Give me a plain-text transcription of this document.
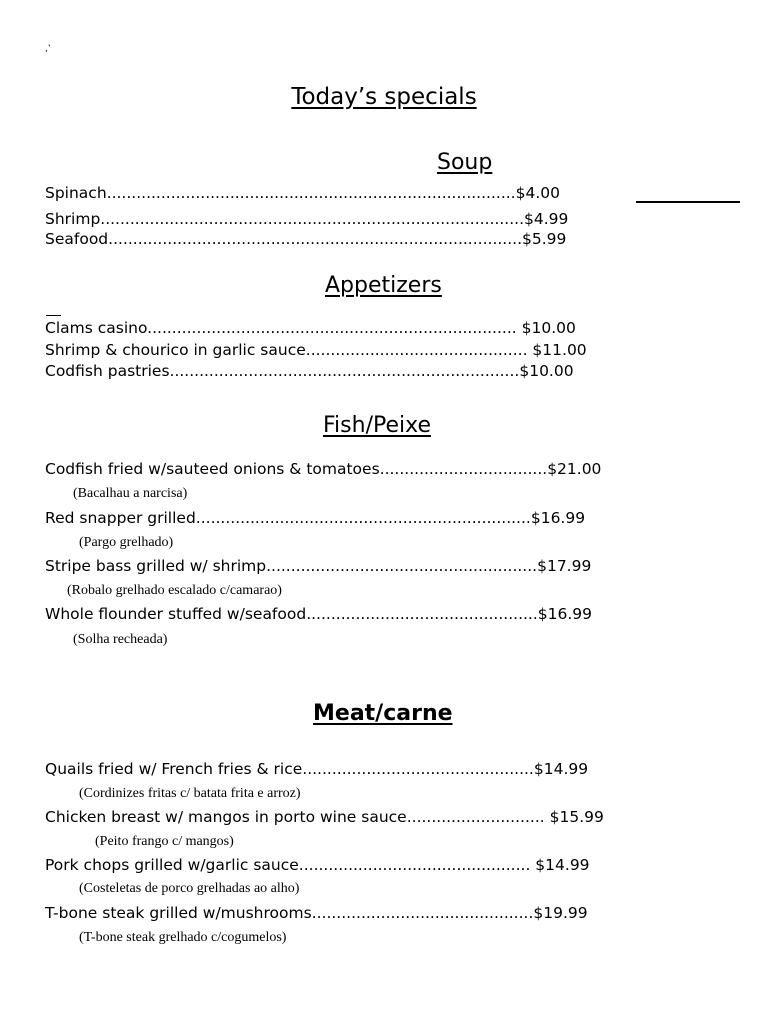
‚‛
Today’s specials
Soup
Spinach...................................................................................$4.00
Shrimp......................................................................................$4.99
Seafood....................................................................................$5.99
Appetizers
Clams casino........................................................................... $10.00
Shrimp & chourico in garlic sauce............................................. $11.00
Codfish pastries.......................................................................$10.00
Fish/Peixe
Codfish fried w/sauteed onions & tomatoes..................................$21.00
(Bacalhau a narcisa)
Red snapper grilled....................................................................$16.99
(Pargo grelhado)
Stripe bass grilled w/ shrimp.......................................................$17.99
(Robalo grelhado escalado c/camarao)
Whole flounder stuffed w/seafood...............................................$16.99
(Solha recheada)
Meat/carne
Quails fried w/ French fries & rice...............................................$14.99
(Cordinizes fritas c/ batata frita e arroz)
Chicken breast w/ mangos in porto wine sauce............................ $15.99
(Peito frango c/ mangos)
Pork chops grilled w/garlic sauce............................................... $14.99
(Costeletas de porco grelhadas ao alho)
T-bone steak grilled w/mushrooms.............................................$19.99
(T-bone steak grelhado c/cogumelos)
